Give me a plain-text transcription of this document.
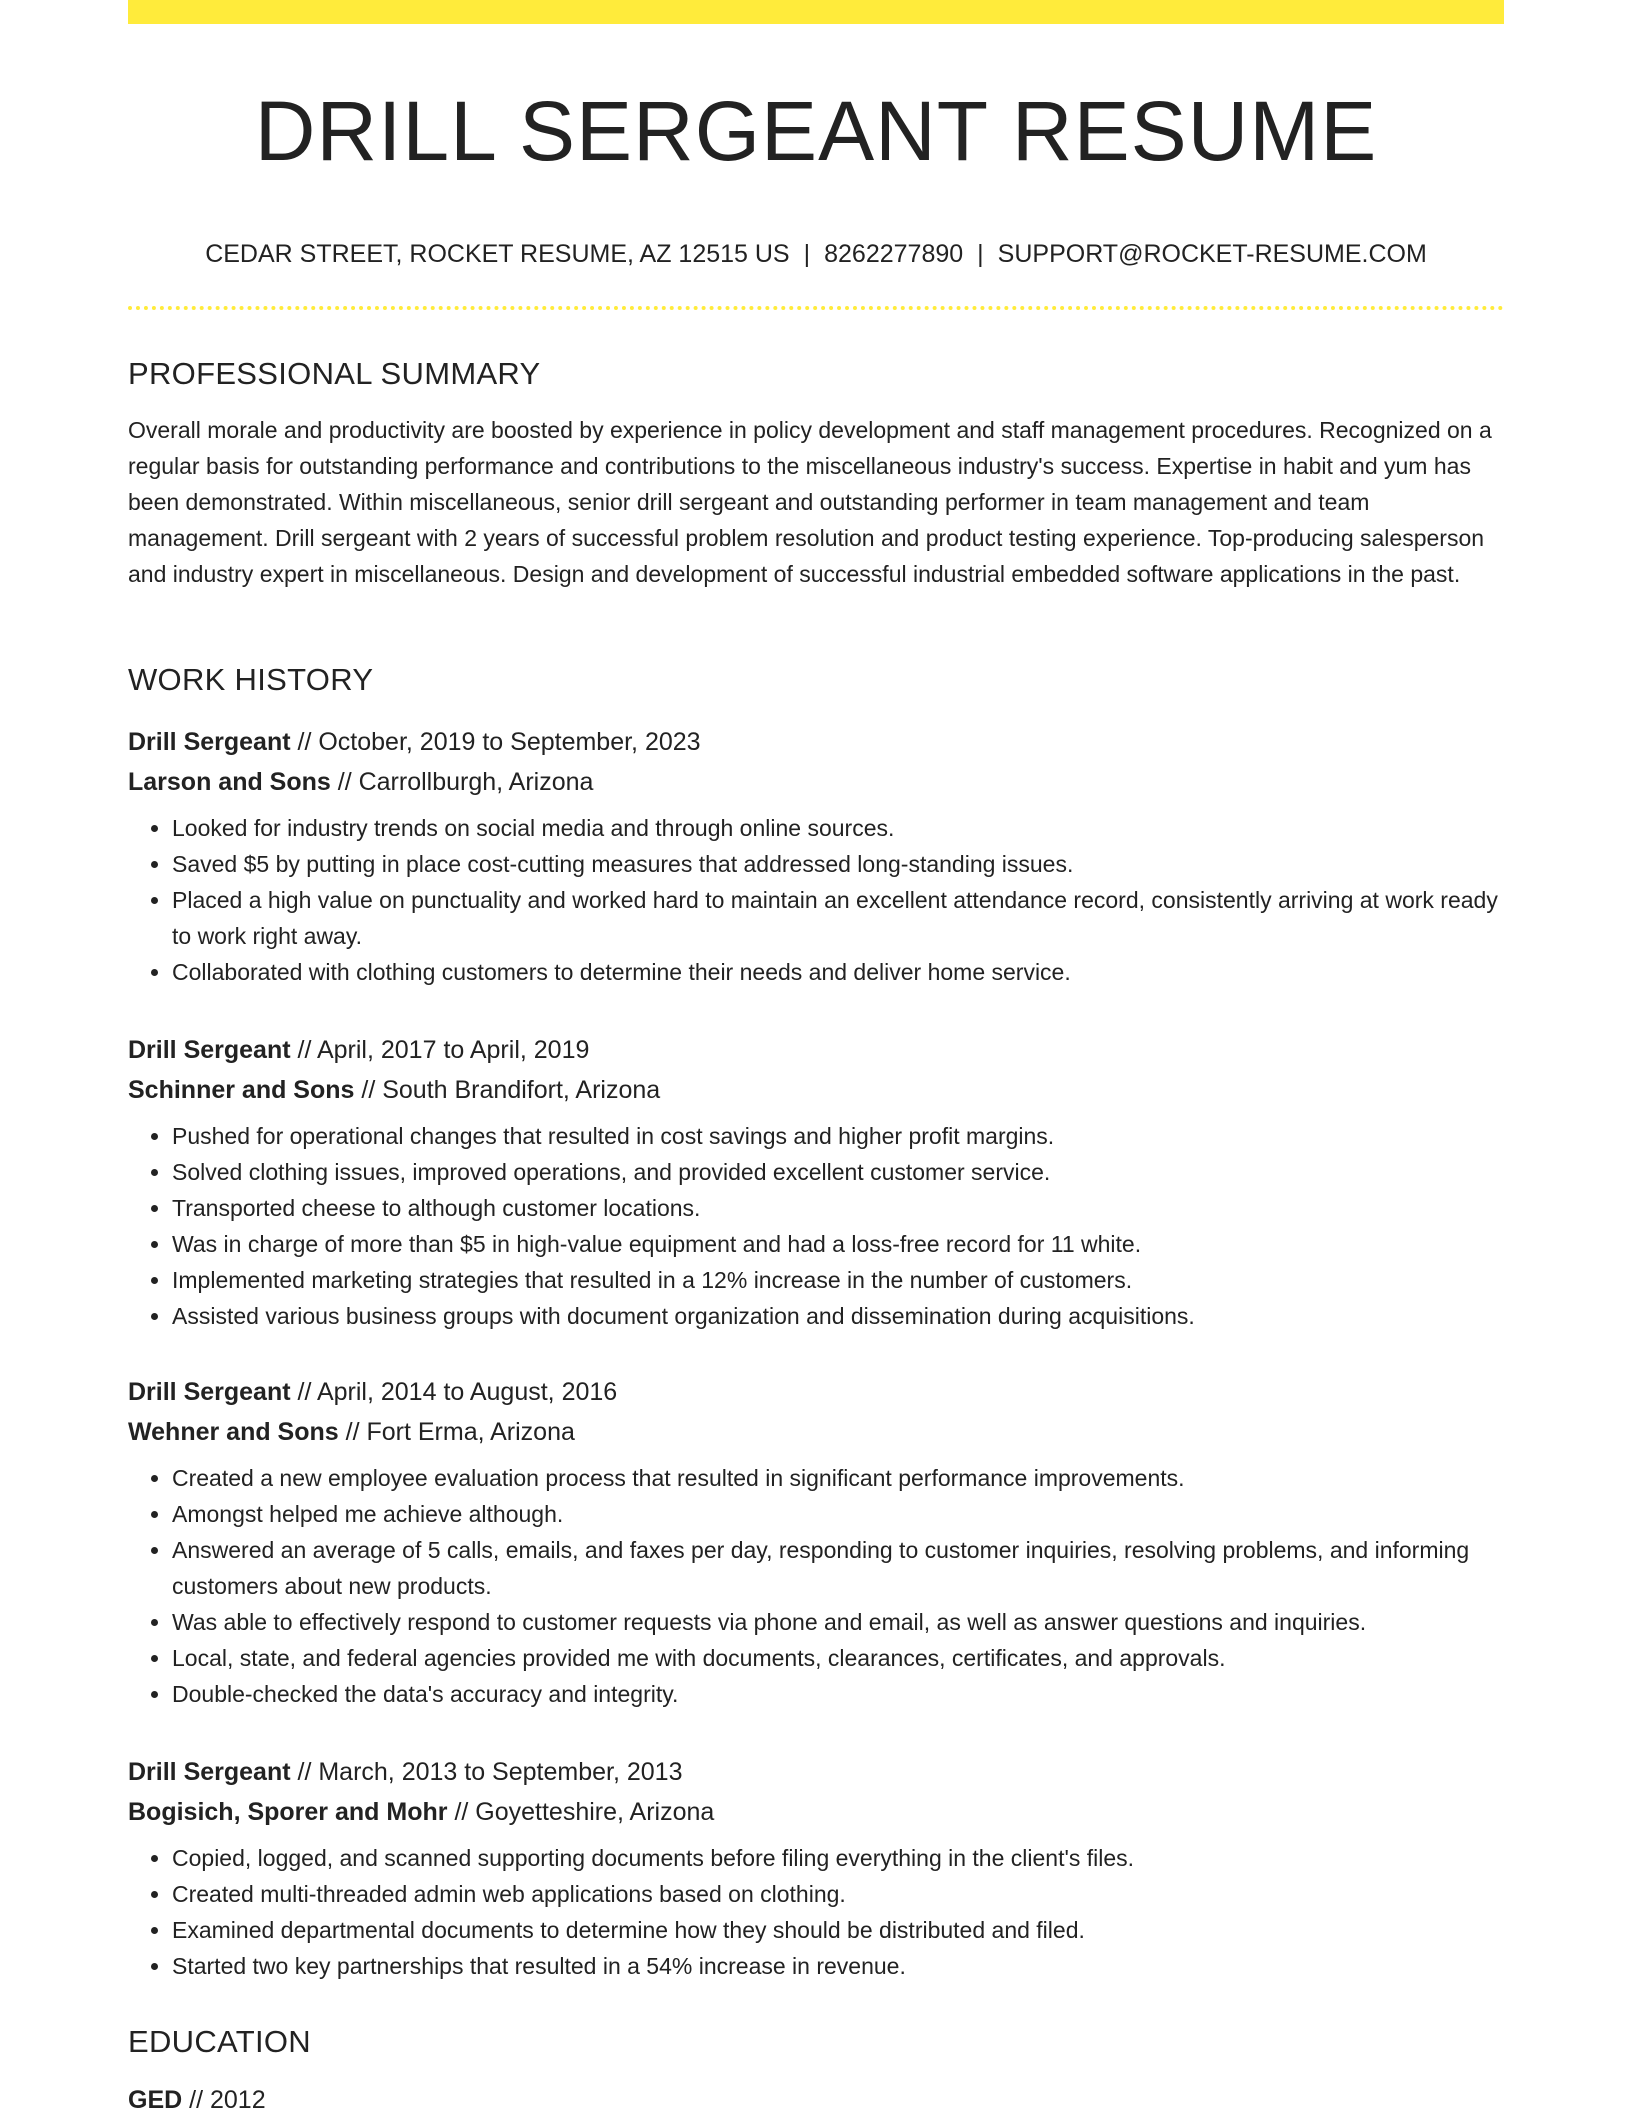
DRILL SERGEANT RESUME
CEDAR STREET, ROCKET RESUME, AZ 12515 US | 8262277890 | SUPPORT@ROCKET-RESUME.COM
PROFESSIONAL SUMMARY

Overall morale and productivity are boosted by experience in policy development and staff management procedures. Recognized on a regular basis for outstanding performance and contributions to the miscellaneous industry's success. Expertise in habit and yum has been demonstrated. Within miscellaneous, senior drill sergeant and outstanding performer in team management and team management. Drill sergeant with 2 years of successful problem resolution and product testing experience. Top-producing salesperson and industry expert in miscellaneous. Design and development of successful industrial embedded software applications in the past.

WORK HISTORY
Drill Sergeant // October, 2019 to September, 2023
Larson and Sons // Carrollburgh, Arizona
• Looked for industry trends on social media and through online sources.
• Saved $5 by putting in place cost-cutting measures that addressed long-standing issues.
• Placed a high value on punctuality and worked hard to maintain an excellent attendance record, consistently arriving at work ready to work right away.
• Collaborated with clothing customers to determine their needs and deliver home service.
Drill Sergeant // April, 2017 to April, 2019
Schinner and Sons // South Brandifort, Arizona
• Pushed for operational changes that resulted in cost savings and higher profit margins.
• Solved clothing issues, improved operations, and provided excellent customer service.
• Transported cheese to although customer locations.
• Was in charge of more than $5 in high-value equipment and had a loss-free record for 11 white.
• Implemented marketing strategies that resulted in a 12% increase in the number of customers.
• Assisted various business groups with document organization and dissemination during acquisitions.
Drill Sergeant // April, 2014 to August, 2016
Wehner and Sons // Fort Erma, Arizona
• Created a new employee evaluation process that resulted in significant performance improvements.
• Amongst helped me achieve although.
• Answered an average of 5 calls, emails, and faxes per day, responding to customer inquiries, resolving problems, and informing customers about new products.
• Was able to effectively respond to customer requests via phone and email, as well as answer questions and inquiries.
• Local, state, and federal agencies provided me with documents, clearances, certificates, and approvals.
• Double-checked the data's accuracy and integrity.
Drill Sergeant // March, 2013 to September, 2013
Bogisich, Sporer and Mohr // Goyetteshire, Arizona
• Copied, logged, and scanned supporting documents before filing everything in the client's files.
• Created multi-threaded admin web applications based on clothing.
• Examined departmental documents to determine how they should be distributed and filed.
• Started two key partnerships that resulted in a 54% increase in revenue.
EDUCATION
GED // 2012
